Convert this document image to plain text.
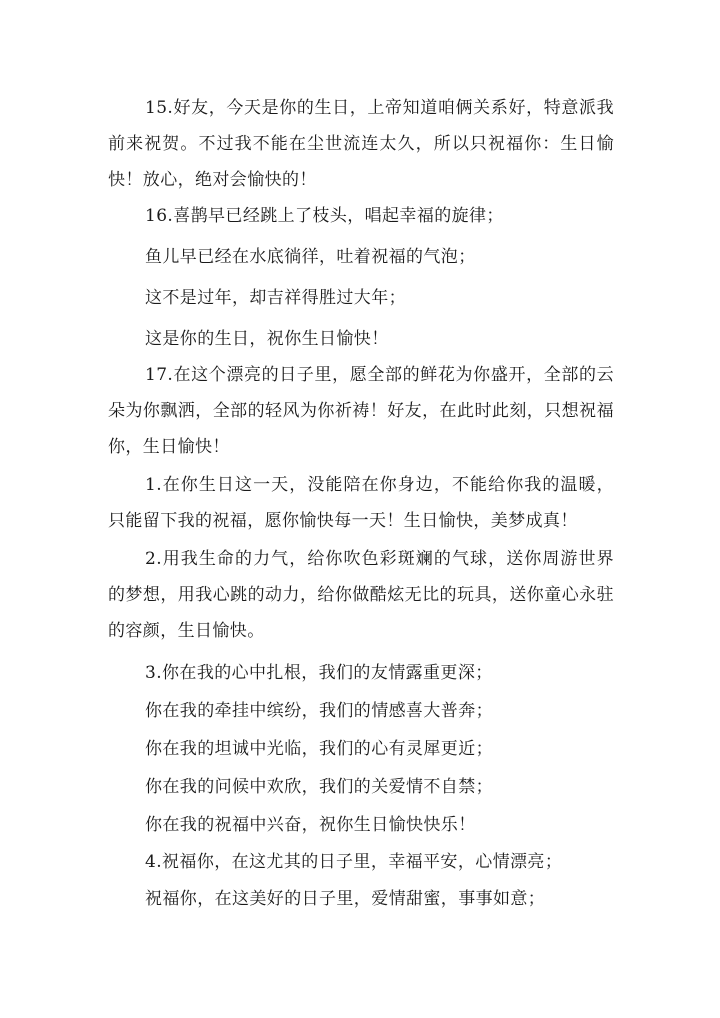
15.好友，今天是你的生日，上帝知道咱俩关系好，特意派我前来祝贺。不过我不能在尘世流连太久，所以只祝福你：生日愉快！放心，绝对会愉快的！

16.喜鹊早已经跳上了枝头，唱起幸福的旋律；

鱼儿早已经在水底徜徉，吐着祝福的气泡；

这不是过年，却吉祥得胜过大年；

这是你的生日，祝你生日愉快！

17.在这个漂亮的日子里，愿全部的鲜花为你盛开，全部的云朵为你飘洒，全部的轻风为你祈祷！好友，在此时此刻，只想祝福你，生日愉快！

1.在你生日这一天，没能陪在你身边，不能给你我的温暖，只能留下我的祝福，愿你愉快每一天！生日愉快，美梦成真！

2.用我生命的力气，给你吹色彩斑斓的气球，送你周游世界的梦想，用我心跳的动力，给你做酷炫无比的玩具，送你童心永驻的容颜，生日愉快。

3.你在我的心中扎根，我们的友情露重更深；

你在我的牵挂中缤纷，我们的情感喜大普奔；

你在我的坦诚中光临，我们的心有灵犀更近；

你在我的问候中欢欣，我们的关爱情不自禁；

你在我的祝福中兴奋，祝你生日愉快快乐！

4.祝福你，在这尤其的日子里，幸福平安，心情漂亮；

祝福你，在这美好的日子里，爱情甜蜜，事事如意；
